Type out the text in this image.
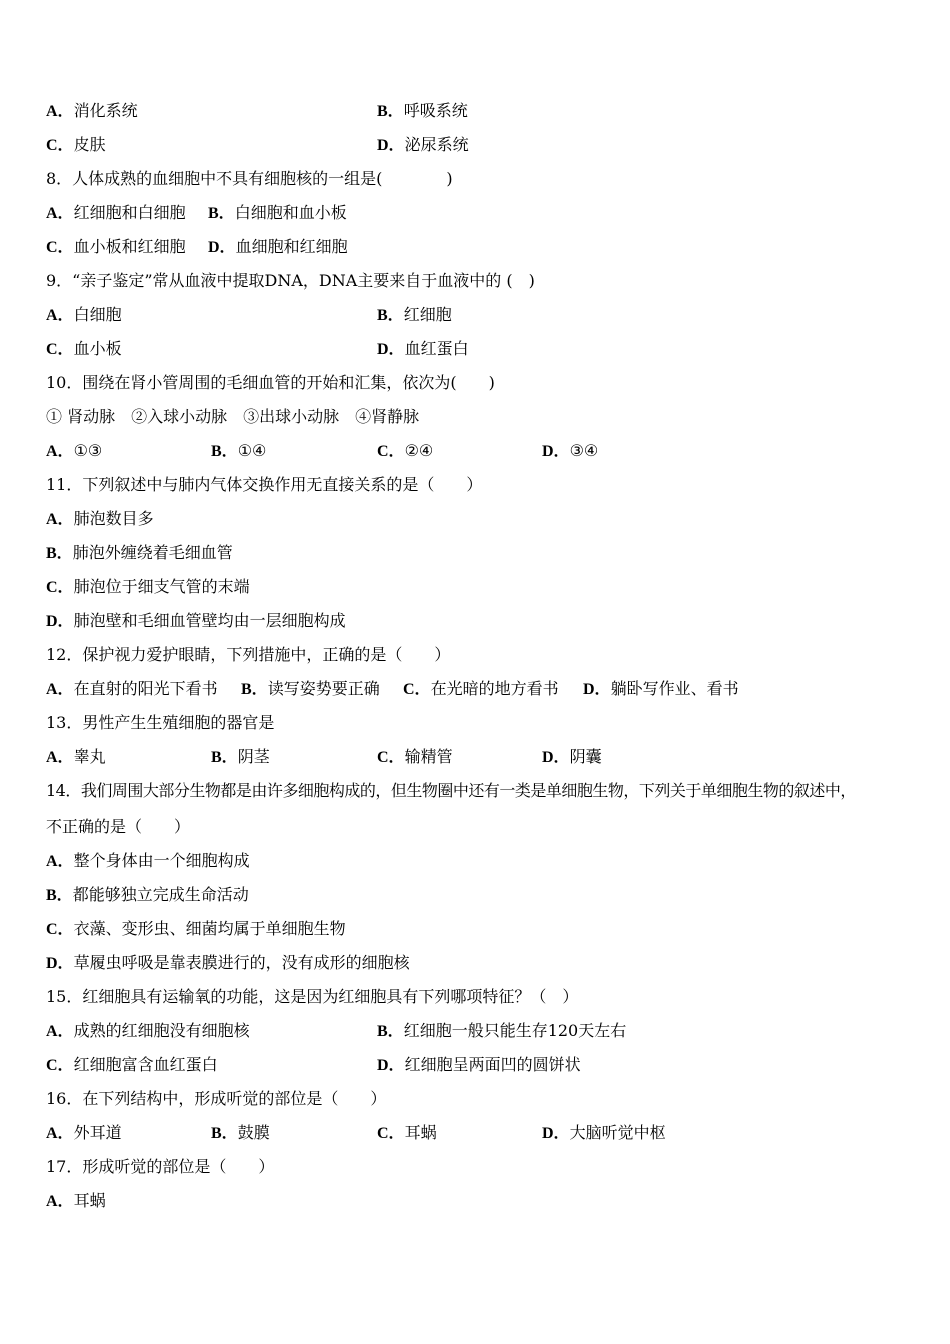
A．消化系统	B．呼吸系统
C．皮肤	D．泌尿系统
8．人体成熟的血细胞中不具有细胞核的一组是(　　　　)
A．红细胞和白细胞 B．白细胞和血小板
C．血小板和红细胞 D．血细胞和红细胞
9．“亲子鉴定”常从血液中提取DNA，DNA主要来自于血液中的 (　)
A．白细胞	B．红细胞
C．血小板	D．血红蛋白
10．围绕在肾小管周围的毛细血管的开始和汇集，依次为(　　)
① 肾动脉　②入球小动脉　③出球小动脉　④肾静脉
A．①③	B．①④	C．②④	D．③④
11．下列叙述中与肺内气体交换作用无直接关系的是（　　）
A．肺泡数目多
B．肺泡外缠绕着毛细血管
C．肺泡位于细支气管的末端
D．肺泡壁和毛细血管壁均由一层细胞构成
12．保护视力爱护眼睛，下列措施中，正确的是（　　）
A．在直射的阳光下看书 B．读写姿势要正确 C．在光暗的地方看书 D．躺卧写作业、看书
13．男性产生生殖细胞的器官是
A．睾丸	B．阴茎	C．输精管	D．阴囊
14．我们周围大部分生物都是由许多细胞构成的，但生物圈中还有一类是单细胞生物，下列关于单细胞生物的叙述中，
不正确的是（　　）
A．整个身体由一个细胞构成
B．都能够独立完成生命活动
C．衣藻、变形虫、细菌均属于单细胞生物
D．草履虫呼吸是靠表膜进行的，没有成形的细胞核
15．红细胞具有运输氧的功能，这是因为红细胞具有下列哪项特征？（　）
A．成熟的红细胞没有细胞核	B．红细胞一般只能生存120天左右
C．红细胞富含血红蛋白	D．红细胞呈两面凹的圆饼状
16．在下列结构中，形成听觉的部位是（　　）
A．外耳道	B．鼓膜	C．耳蜗	D．大脑听觉中枢
17．形成听觉的部位是（　　）
A．耳蜗
